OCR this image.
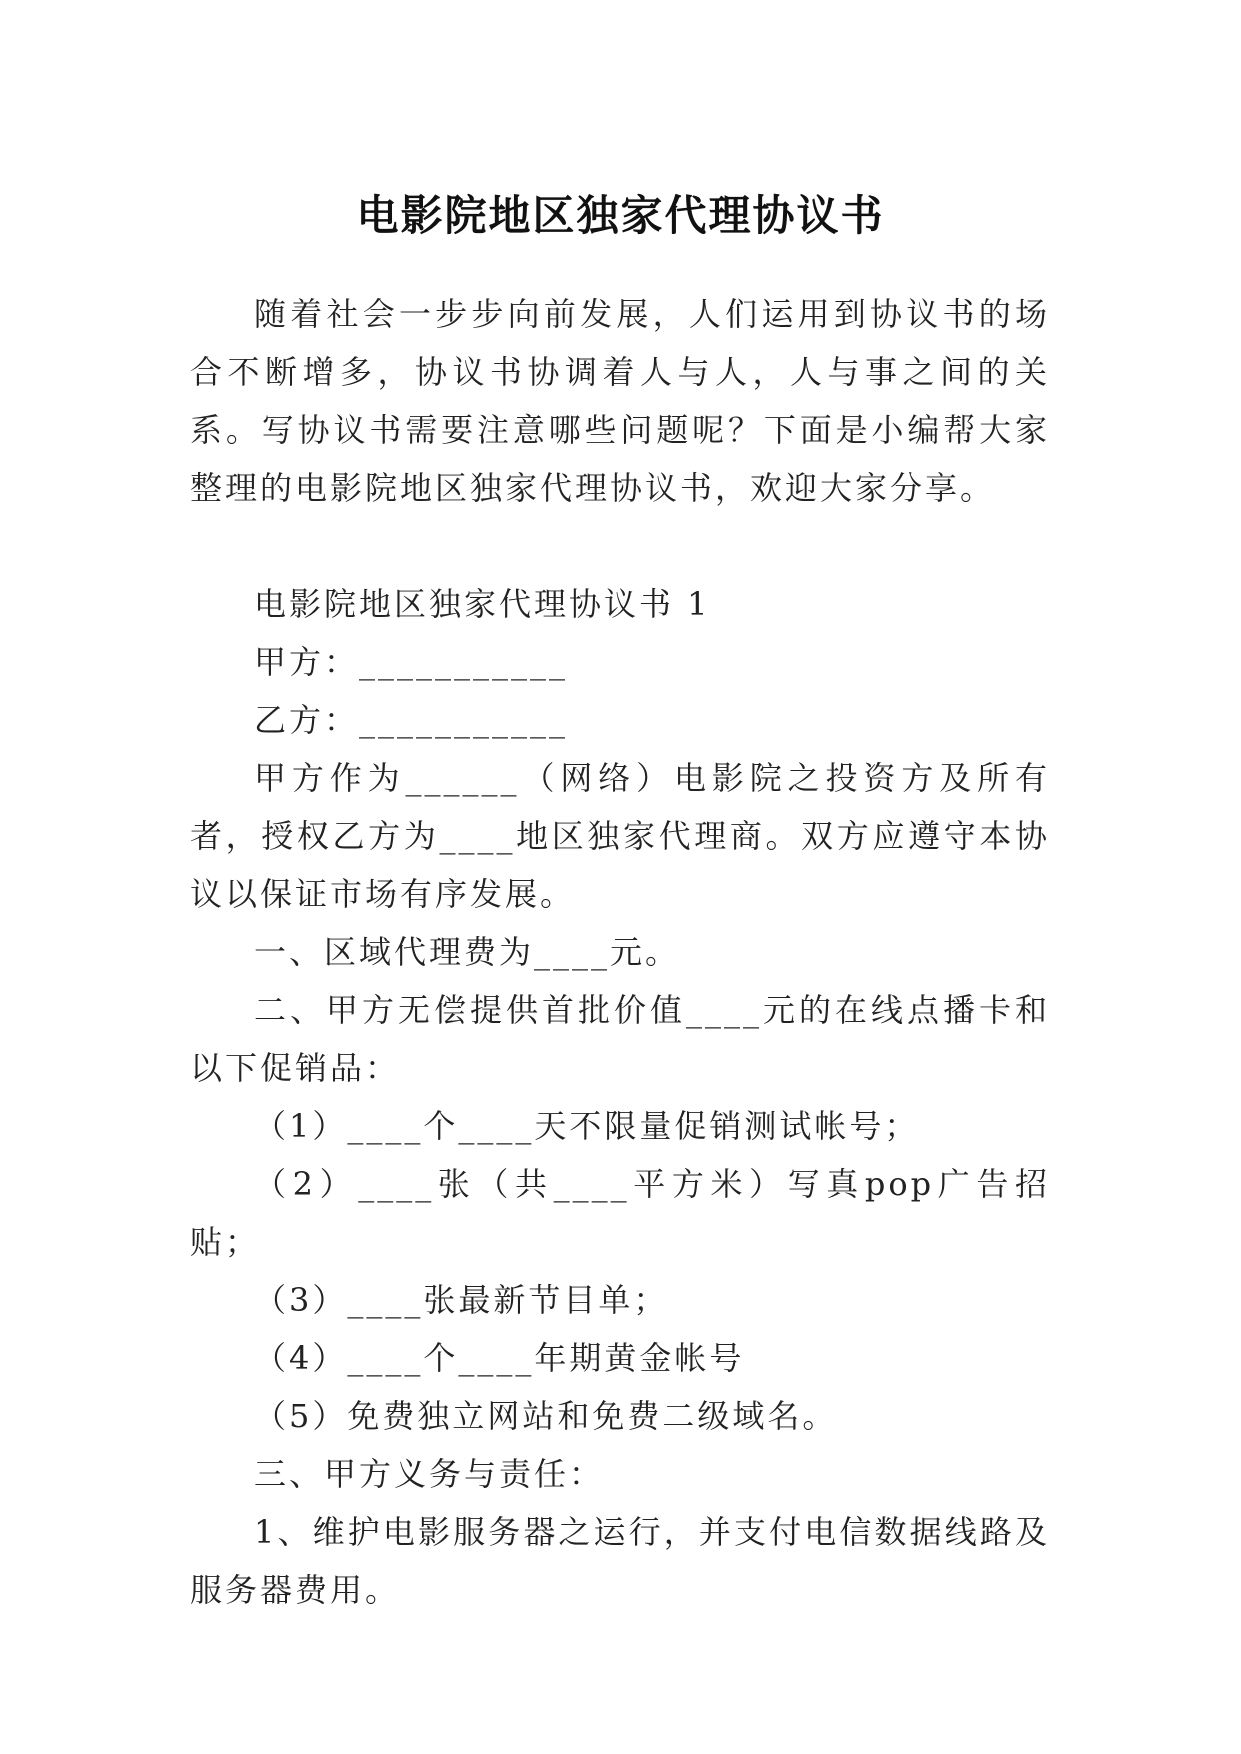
电影院地区独家代理协议书

随着社会一步步向前发展，人们运用到协议书的场合不断增多，协议书协调着人与人，人与事之间的关系。写协议书需要注意哪些问题呢？下面是小编帮大家整理的电影院地区独家代理协议书，欢迎大家分享。

电影院地区独家代理协议书 1

甲方：___________

乙方：___________

甲方作为______（网络）电影院之投资方及所有者，授权乙方为____地区独家代理商。双方应遵守本协议以保证市场有序发展。

一、区域代理费为____元。

二、甲方无偿提供首批价值____元的在线点播卡和以下促销品：

（1）____个____天不限量促销测试帐号；

（2）____张（共____平方米）写真pop广告招贴；

（3）____张最新节目单；

（4）____个____年期黄金帐号

（5）免费独立网站和免费二级域名。

三、甲方义务与责任：

1、维护电影服务器之运行，并支付电信数据线路及服务器费用。
